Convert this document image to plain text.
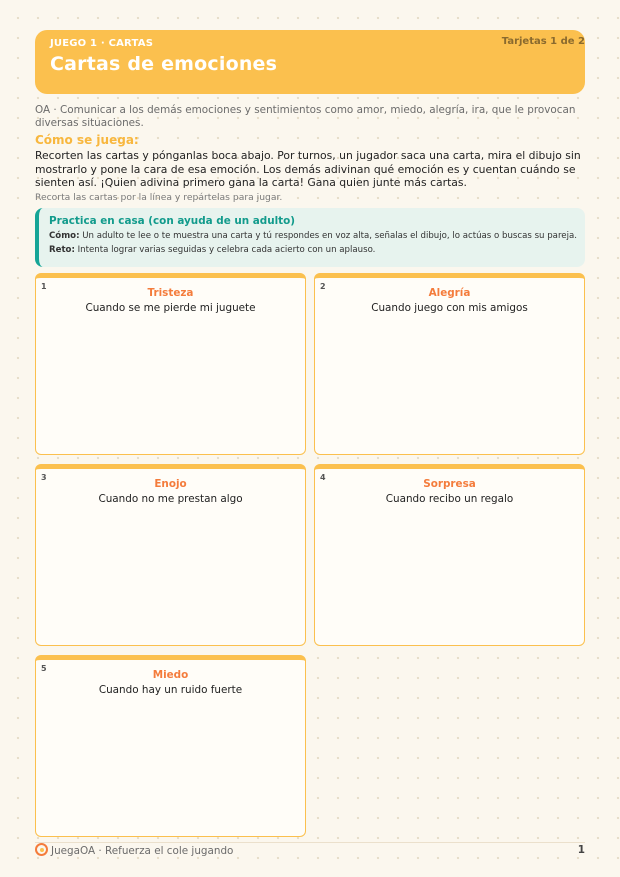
JUEGO 1 · CARTAS
Cartas de emociones
Tarjetas 1 de 2
OA · Comunicar a los demás emociones y sentimientos como amor, miedo, alegría, ira, que le provocan diversas situaciones.
Cómo se juega:
Recorten las cartas y pónganlas boca abajo. Por turnos, un jugador saca una carta, mira el dibujo sin mostrarlo y pone la cara de esa emoción. Los demás adivinan qué emoción es y cuentan cuándo se sienten así. ¡Quien adivina primero gana la carta! Gana quien junte más cartas.
Recorta las cartas por la línea y repártelas para jugar.
Practica en casa (con ayuda de un adulto)
Cómo: Un adulto te lee o te muestra una carta y tú respondes en voz alta, señalas el dibujo, lo actúas o buscas su pareja.
Reto: Intenta lograr varias seguidas y celebra cada acierto con un aplauso.
1
Tristeza
Cuando se me pierde mi juguete
2
Alegría
Cuando juego con mis amigos
3
Enojo
Cuando no me prestan algo
4
Sorpresa
Cuando recibo un regalo
5
Miedo
Cuando hay un ruido fuerte
JuegaOA · Refuerza el cole jugando	1
